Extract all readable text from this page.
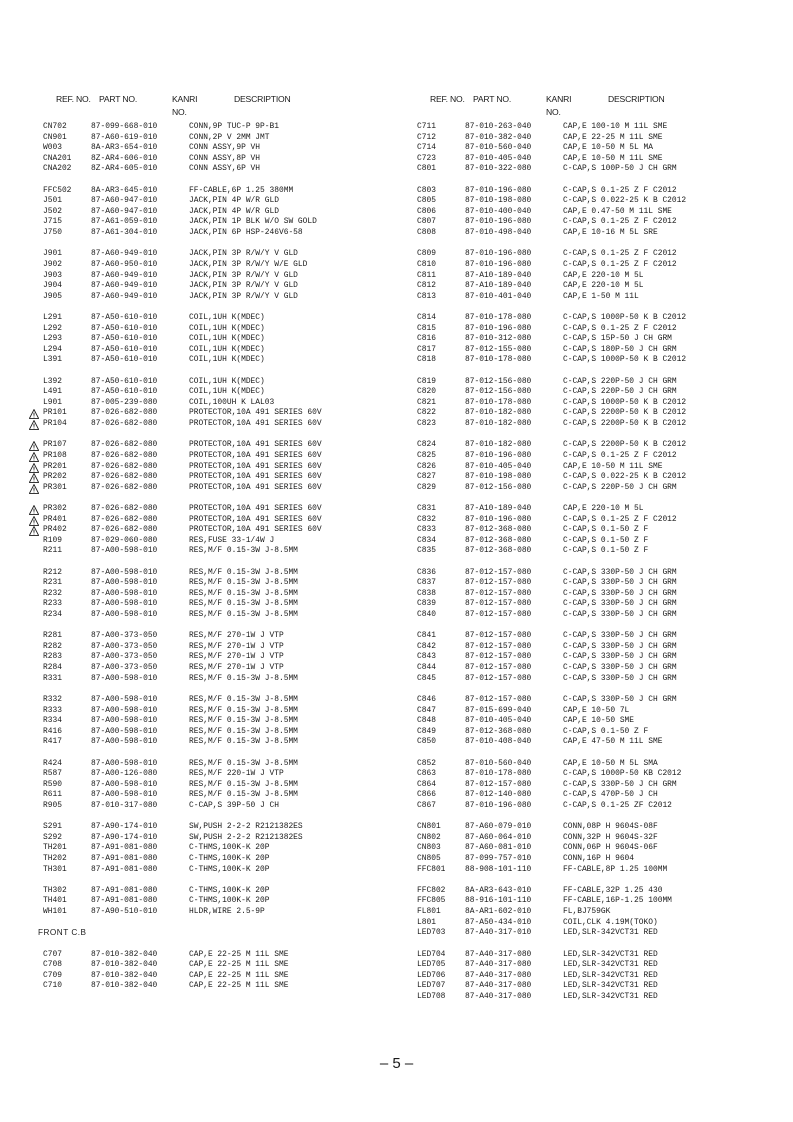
REF. NO. PART NO.	KANRI
NO.
DESCRIPTION
CN702	87-099-668-010	CONN,9P TUC-P 9P-B1
CN901	87-A60-619-010	CONN,2P V 2MM JMT
W003	8A-AR3-654-010	CONN ASSY,9P VH
CNA201 8Z-AR4-606-010	CONN ASSY,8P VH
CNA202 8Z-AR4-605-010	CONN ASSY,6P VH
FFC502 8A-AR3-645-010	FF-CABLE,6P 1.25 380MM
J501	87-A60-947-010	JACK,PIN 4P W/R GLD
J502	87-A60-947-010	JACK,PIN 4P W/R GLD
J715	87-A61-059-010	JACK,PIN 1P BLK W/O SW GOLD
J750	87-A61-304-010	JACK,PIN 6P HSP-246V6-58
J901	87-A60-949-010	JACK,PIN 3P R/W/Y V GLD
J902	87-A60-950-010	JACK,PIN 3P R/W/Y W/E GLD
J903	87-A60-949-010	JACK,PIN 3P R/W/Y V GLD
J904	87-A60-949-010	JACK,PIN 3P R/W/Y V GLD
J905	87-A60-949-010	JACK,PIN 3P R/W/Y V GLD
L291	87-A50-610-010	COIL,1UH K(MDEC)
L292	87-A50-610-010	COIL,1UH K(MDEC)
L293	87-A50-610-010	COIL,1UH K(MDEC)
L294	87-A50-610-010	COIL,1UH K(MDEC)
L391	87-A50-610-010	COIL,1UH K(MDEC)
L392	87-A50-610-010	COIL,1UH K(MDEC)
L491	87-A50-610-010	COIL,1UH K(MDEC)
L901	87-005-239-080	COIL,100UH K LAL03
PR101	87-026-682-080	PROTECTOR,10A 491 SERIES 60V
PR104	87-026-682-080	PROTECTOR,10A 491 SERIES 60V
PR107	87-026-682-080	PROTECTOR,10A 491 SERIES 60V
PR108	87-026-682-080	PROTECTOR,10A 491 SERIES 60V
PR201	87-026-682-080	PROTECTOR,10A 491 SERIES 60V
PR202	87-026-682-080	PROTECTOR,10A 491 SERIES 60V
PR301	87-026-682-080	PROTECTOR,10A 491 SERIES 60V
PR302	87-026-682-080	PROTECTOR,10A 491 SERIES 60V
PR401	87-026-682-080	PROTECTOR,10A 491 SERIES 60V
PR402	87-026-682-080	PROTECTOR,10A 491 SERIES 60V
R109	87-029-060-080	RES,FUSE 33-1/4W J
R211	87-A00-598-010	RES,M/F 0.15-3W J-8.5MM
R212	87-A00-598-010	RES,M/F 0.15-3W J-8.5MM
R231	87-A00-598-010	RES,M/F 0.15-3W J-8.5MM
R232	87-A00-598-010	RES,M/F 0.15-3W J-8.5MM
R233	87-A00-598-010	RES,M/F 0.15-3W J-8.5MM
R234	87-A00-598-010	RES,M/F 0.15-3W J-8.5MM
R281	87-A00-373-050	RES,M/F 270-1W J VTP
R282	87-A00-373-050	RES,M/F 270-1W J VTP
R283	87-A00-373-050	RES,M/F 270-1W J VTP
R284	87-A00-373-050	RES,M/F 270-1W J VTP
R331	87-A00-598-010	RES,M/F 0.15-3W J-8.5MM
R332	87-A00-598-010	RES,M/F 0.15-3W J-8.5MM
R333	87-A00-598-010	RES,M/F 0.15-3W J-8.5MM
R334	87-A00-598-010	RES,M/F 0.15-3W J-8.5MM
R416	87-A00-598-010	RES,M/F 0.15-3W J-8.5MM
R417	87-A00-598-010	RES,M/F 0.15-3W J-8.5MM
R424	87-A00-598-010	RES,M/F 0.15-3W J-8.5MM
R587	87-A00-126-080	RES,M/F 220-1W J VTP
R590	87-A00-598-010	RES,M/F 0.15-3W J-8.5MM
R611	87-A00-598-010	RES,M/F 0.15-3W J-8.5MM
R905	87-010-317-080	C-CAP,S 39P-50 J CH
S291	87-A90-174-010	SW,PUSH 2-2-2 R2121382ES
S292	87-A90-174-010	SW,PUSH 2-2-2 R2121382ES
TH201	87-A91-081-080	C-THMS,100K-K 20P
TH202	87-A91-081-080	C-THMS,100K-K 20P
TH301	87-A91-081-080	C-THMS,100K-K 20P
TH302	87-A91-081-080	C-THMS,100K-K 20P
TH401	87-A91-081-080	C-THMS,100K-K 20P
WH101	87-A90-510-010	HLDR,WIRE 2.5-9P
FRONT C.B
C707	87-010-382-040	CAP,E 22-25 M 11L SME
C708	87-010-382-040	CAP,E 22-25 M 11L SME
C709	87-010-382-040	CAP,E 22-25 M 11L SME
C710	87-010-382-040	CAP,E 22-25 M 11L SME
REF. NO. PART NO.	KANRI
NO.
DESCRIPTION
C711	87-010-263-040	CAP,E 100-10 M 11L SME
C712	87-010-382-040	CAP,E 22-25 M 11L SME
C714	87-010-560-040	CAP,E 10-50 M 5L MA
C723	87-010-405-040	CAP,E 10-50 M 11L SME
C801	87-010-322-080	C-CAP,S 100P-50 J CH GRM
C803	87-010-196-080	C-CAP,S 0.1-25 Z F C2012
C805	87-010-198-080	C-CAP,S 0.022-25 K B C2012
C806	87-010-400-040	CAP,E 0.47-50 M 11L SME
C807	87-010-196-080	C-CAP,S 0.1-25 Z F C2012
C808	87-010-498-040	CAP,E 10-16 M 5L SRE
C809	87-010-196-080	C-CAP,S 0.1-25 Z F C2012
C810	87-010-196-080	C-CAP,S 0.1-25 Z F C2012
C811	87-A10-189-040	CAP,E 220-10 M 5L
C812	87-A10-189-040	CAP,E 220-10 M 5L
C813	87-010-401-040	CAP,E 1-50 M 11L
C814	87-010-178-080	C-CAP,S 1000P-50 K B C2012
C815	87-010-196-080	C-CAP,S 0.1-25 Z F C2012
C816	87-010-312-080	C-CAP,S 15P-50 J CH GRM
C817	87-012-155-080	C-CAP,S 180P-50 J CH GRM
C818	87-010-178-080	C-CAP,S 1000P-50 K B C2012
C819	87-012-156-080	C-CAP,S 220P-50 J CH GRM
C820	87-012-156-080	C-CAP,S 220P-50 J CH GRM
C821	87-010-178-080	C-CAP,S 1000P-50 K B C2012
C822	87-010-182-080	C-CAP,S 2200P-50 K B C2012
C823	87-010-182-080	C-CAP,S 2200P-50 K B C2012
C824	87-010-182-080	C-CAP,S 2200P-50 K B C2012
C825	87-010-196-080	C-CAP,S 0.1-25 Z F C2012
C826	87-010-405-040	CAP,E 10-50 M 11L SME
C827	87-010-198-080	C-CAP,S 0.022-25 K B C2012
C829	87-012-156-080	C-CAP,S 220P-50 J CH GRM
C831	87-A10-189-040	CAP,E 220-10 M 5L
C832	87-010-196-080	C-CAP,S 0.1-25 Z F C2012
C833	87-012-368-080	C-CAP,S 0.1-50 Z F
C834	87-012-368-080	C-CAP,S 0.1-50 Z F
C835	87-012-368-080	C-CAP,S 0.1-50 Z F
C836	87-012-157-080	C-CAP,S 330P-50 J CH GRM
C837	87-012-157-080	C-CAP,S 330P-50 J CH GRM
C838	87-012-157-080	C-CAP,S 330P-50 J CH GRM
C839	87-012-157-080	C-CAP,S 330P-50 J CH GRM
C840	87-012-157-080	C-CAP,S 330P-50 J CH GRM
C841	87-012-157-080	C-CAP,S 330P-50 J CH GRM
C842	87-012-157-080	C-CAP,S 330P-50 J CH GRM
C843	87-012-157-080	C-CAP,S 330P-50 J CH GRM
C844	87-012-157-080	C-CAP,S 330P-50 J CH GRM
C845	87-012-157-080	C-CAP,S 330P-50 J CH GRM
C846	87-012-157-080	C-CAP,S 330P-50 J CH GRM
C847	87-015-699-040	CAP,E 10-50 7L
C848	87-010-405-040	CAP,E 10-50 SME
C849	87-012-368-080	C-CAP,S 0.1-50 Z F
C850	87-010-408-040	CAP,E 47-50 M 11L SME
C852	87-010-560-040	CAP,E 10-50 M 5L SMA
C863	87-010-178-080	C-CAP,S 1000P-50 KB C2012
C864	87-012-157-080	C-CAP,S 330P-50 J CH GRM
C866	87-012-140-080	C-CAP,S 470P-50 J CH
C867	87-010-196-080	C-CAP,S 0.1-25 ZF C2012
CN801	87-A60-079-010	CONN,08P H 9604S-08F
CN802	87-A60-064-010	CONN,32P H 9604S-32F
CN803	87-A60-081-010	CONN,06P H 9604S-06F
CN805	87-099-757-010	CONN,16P H 9604
FFC801 88-908-101-110	FF-CABLE,8P 1.25 100MM
FFC802 8A-AR3-643-010	FF-CABLE,32P 1.25 430
FFC805 88-916-101-110	FF-CABLE,16P-1.25 100MM
FL801	8A-AR1-602-010	FL,BJ759GK
L801	87-A50-434-010	COIL,CLK 4.19M(TOKO)
LED703 87-A40-317-010	LED,SLR-342VCT31 RED
LED704 87-A40-317-080	LED,SLR-342VCT31 RED
LED705 87-A40-317-080	LED,SLR-342VCT31 RED
LED706 87-A40-317-080	LED,SLR-342VCT31 RED
LED707 87-A40-317-080	LED,SLR-342VCT31 RED
LED708 87-A40-317-080	LED,SLR-342VCT31 RED
– 5 –
